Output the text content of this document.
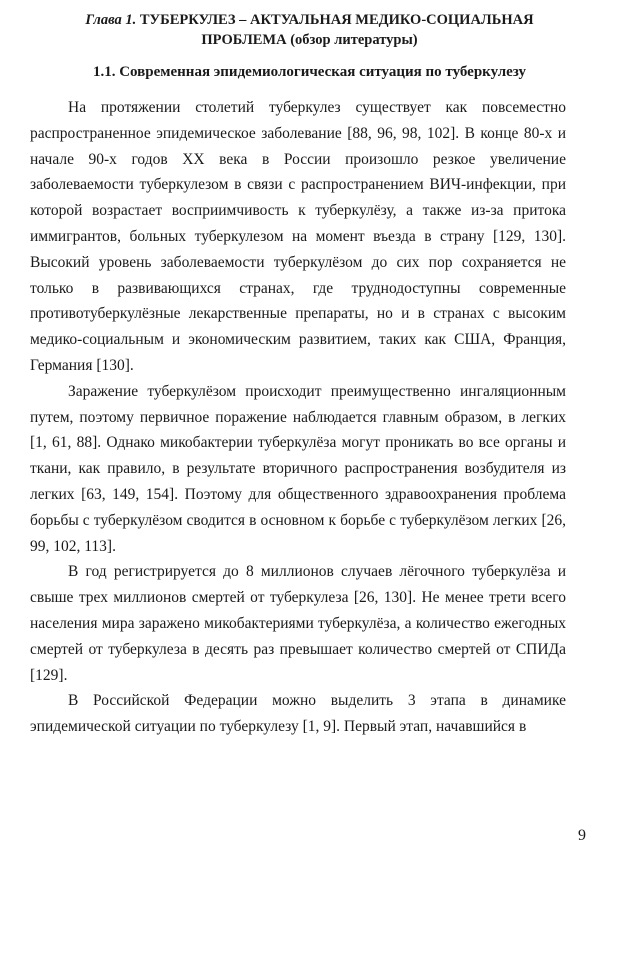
Глава 1. ТУБЕРКУЛЕЗ – АКТУАЛЬНАЯ МЕДИКО-СОЦИАЛЬНАЯ
ПРОБЛЕМА (обзор литературы)
1.1. Современная эпидемиологическая ситуация по туберкулезу

На протяжении столетий туберкулез существует как повсеместно распространенное эпидемическое заболевание [88, 96, 98, 102]. В конце 80-х и начале 90-х годов XX века в России произошло резкое увеличение заболеваемости туберкулезом в связи с распространением ВИЧ-инфекции, при которой возрастает восприимчивость к туберкулёзу, а также из-за притока иммигрантов, больных туберкулезом на момент въезда в страну [129, 130]. Высокий уровень заболеваемости туберкулёзом до сих пор сохраняется не только в развивающихся странах, где труднодоступны современные противотуберкулёзные лекарственные препараты, но и в странах с высоким медико-социальным и экономическим развитием, таких как США, Франция, Германия [130].

Заражение туберкулёзом происходит преимущественно ингаляционным путем, поэтому первичное поражение наблюдается главным образом, в легких [1, 61, 88]. Однако микобактерии туберкулёза могут проникать во все органы и ткани, как правило, в результате вторичного распространения возбудителя из легких [63, 149, 154]. Поэтому для общественного здравоохранения проблема борьбы с туберкулёзом сводится в основном к борьбе с туберкулёзом легких [26, 99, 102, 113].

В год регистрируется до 8 миллионов случаев лёгочного туберкулёза и свыше трех миллионов смертей от туберкулеза [26, 130]. Не менее трети всего населения мира заражено микобактериями туберкулёза, а количество ежегодных смертей от туберкулеза в десять раз превышает количество смертей от СПИДа [129].

В Российской Федерации можно выделить 3 этапа в динамике эпидемической ситуации по туберкулезу [1, 9]. Первый этап, начавшийся в

9
